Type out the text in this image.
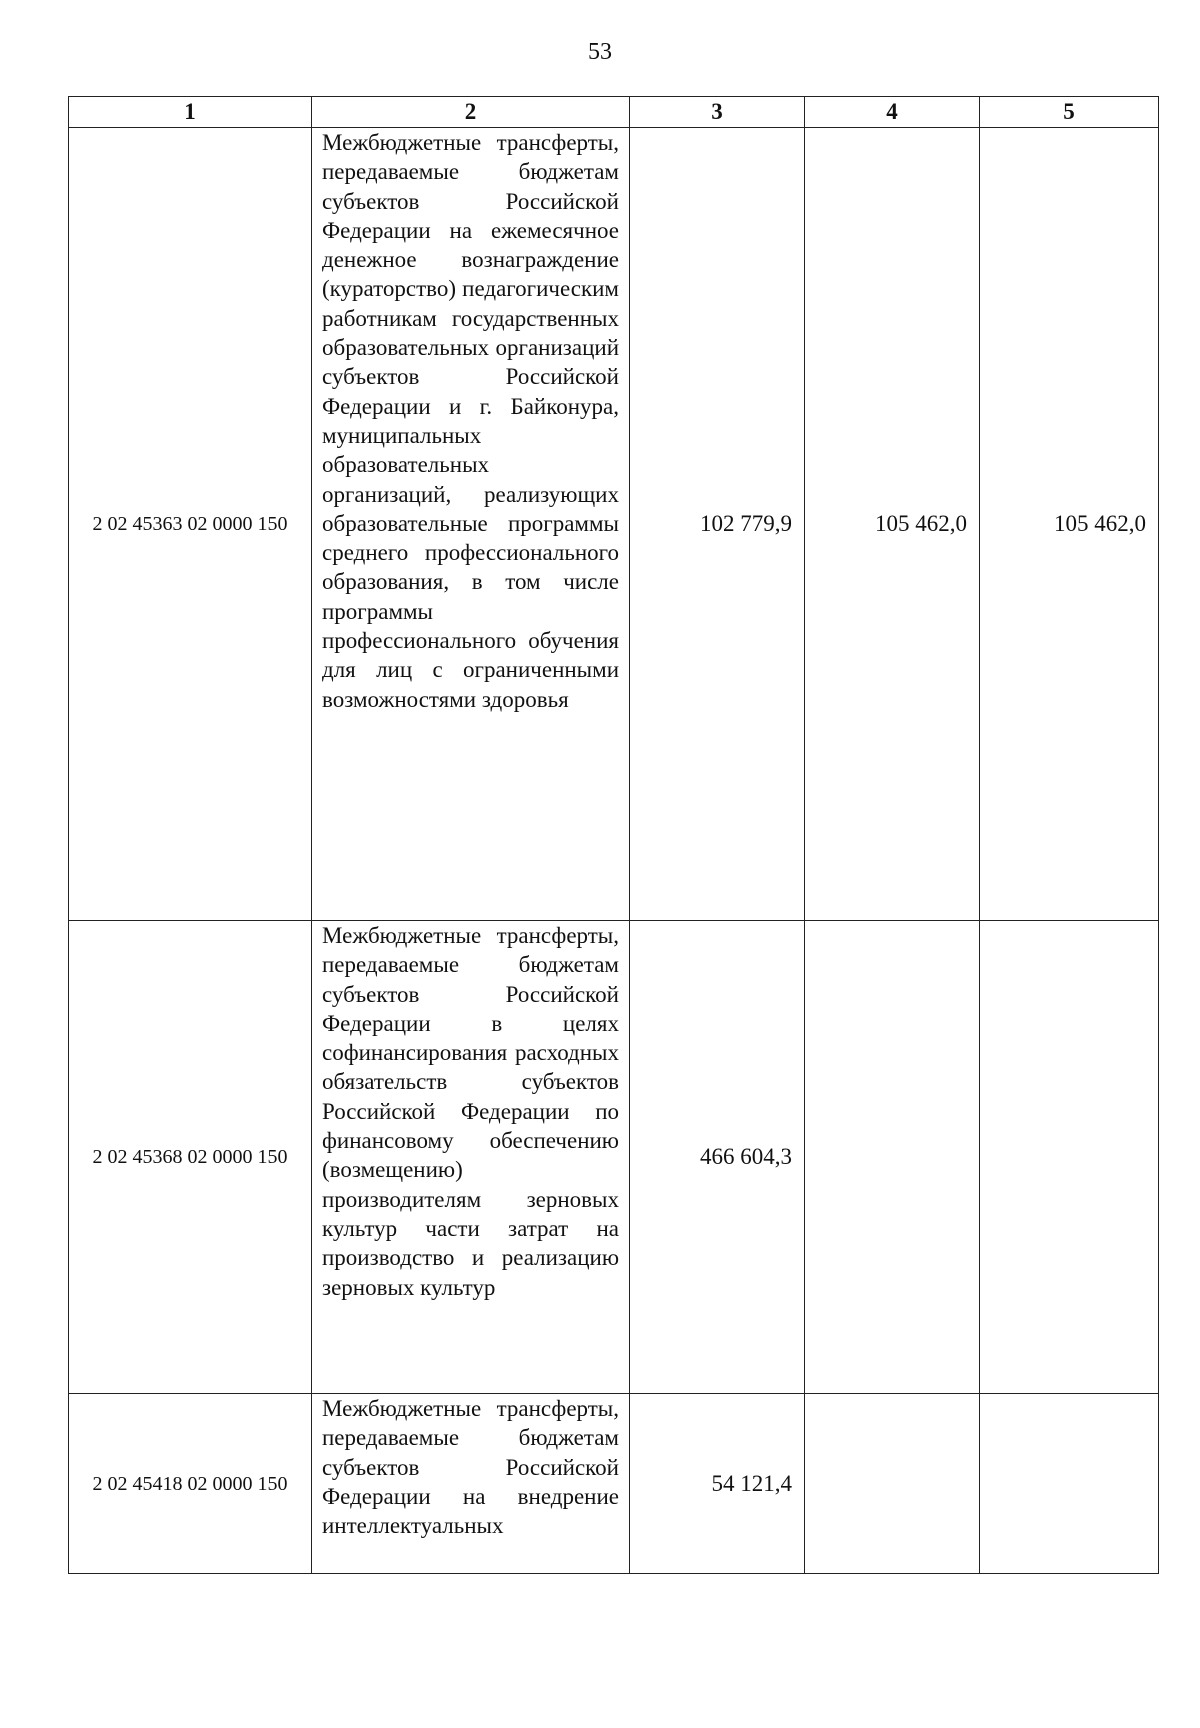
53
1	2	3	4	5
2 02 45363 02 0000 150	Межбюджетные трансферты, передаваемые бюджетам субъектов Российской Федерации на ежемесячное денежное вознаграждение (кураторство) педагогическим работникам государственных образовательных организаций субъектов Российской Федерации и г. Байконура, муниципальных образовательных организаций, реализующих образовательные программы среднего профессионального образования, в том числе программы профессионального обучения для лиц с ограниченными возможностями здоровья	102 779,9	105 462,0	105 462,0
2 02 45368 02 0000 150	Межбюджетные трансферты, передаваемые бюджетам субъектов Российской Федерации в целях софинансирования расходных обязательств субъектов Российской Федерации по финансовому обеспечению (возмещению) производителям зерновых культур части затрат на производство и реализацию зерновых культур	466 604,3		
2 02 45418 02 0000 150	Межбюджетные трансферты, передаваемые бюджетам субъектов Российской Федерации на внедрение интеллектуальных	54 121,4		
